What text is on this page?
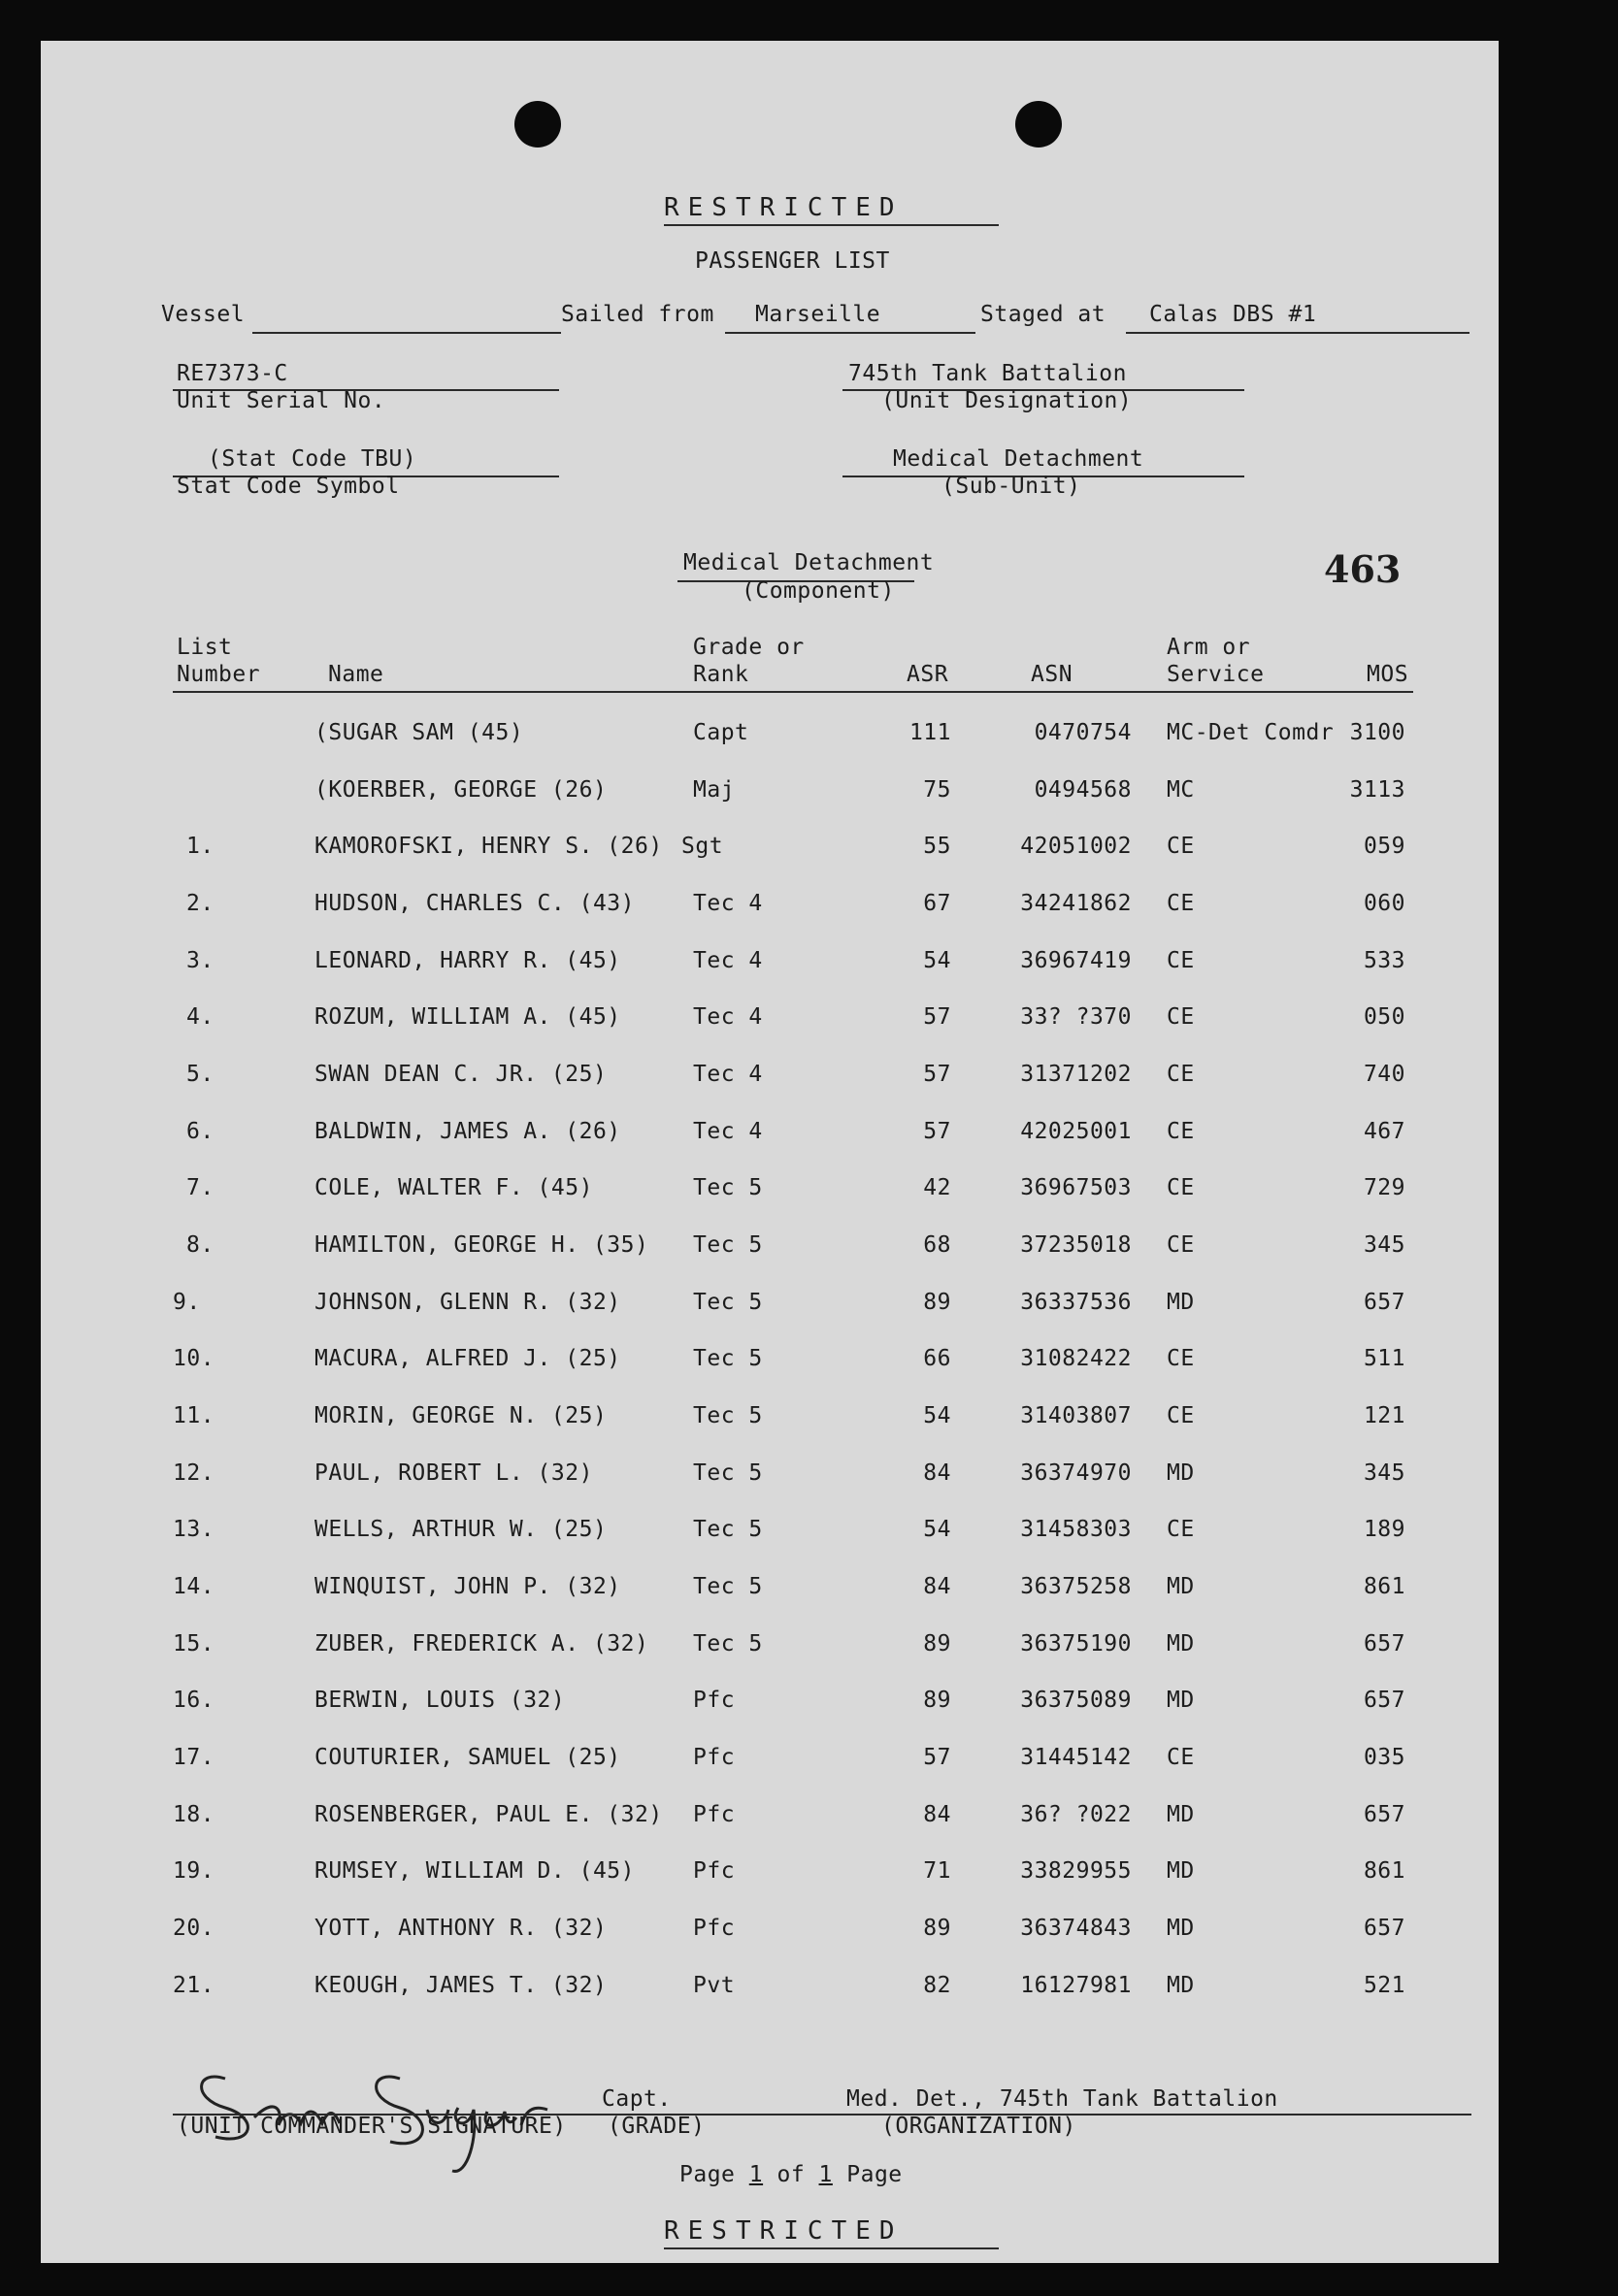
RESTRICTED
PASSENGER LIST
Vessel	Sailed from Marseille	Staged at Calas DBS #1
RE7373-C
Unit Serial No.
745th Tank Battalion
(Unit Designation)
(Stat Code TBU)
Stat Code Symbol
Medical Detachment
(Sub-Unit)
Medical Detachment
(Component)	463
List
Number	Name
Grade or
Rank	ASR	ASN
Arm or
Service	MOS
(SUGAR SAM (45)	Capt	111	0470754 MC-Det Comdr 3100
(KOERBER, GEORGE (26)	Maj	75	0494568 MC	3113
1.	KAMOROFSKI, HENRY S. (26) Sgt	55	42051002 CE	059
2.	HUDSON, CHARLES C. (43)	Tec 4	67	34241862 CE	060
3.	LEONARD, HARRY R. (45)	Tec 4	54	36967419 CE	533
4.	ROZUM, WILLIAM A. (45)	Tec 4	57	33? ?370 CE	050
5.	SWAN DEAN C. JR. (25)	Tec 4	57	31371202 CE	740
6.	BALDWIN, JAMES A. (26)	Tec 4	57	42025001 CE	467
7.	COLE, WALTER F. (45)	Tec 5	42	36967503 CE	729
8.	HAMILTON, GEORGE H. (35) Tec 5	68	37235018 CE	345
9.	JOHNSON, GLENN R. (32)	Tec 5	89	36337536 MD	657
10.	MACURA, ALFRED J. (25)	Tec 5	66	31082422 CE	511
11.	MORIN, GEORGE N. (25)	Tec 5	54	31403807 CE	121
12.	PAUL, ROBERT L. (32)	Tec 5	84	36374970 MD	345
13.	WELLS, ARTHUR W. (25)	Tec 5	54	31458303 CE	189
14.	WINQUIST, JOHN P. (32)	Tec 5	84	36375258 MD	861
15.	ZUBER, FREDERICK A. (32) Tec 5	89	36375190 MD	657
16.	BERWIN, LOUIS (32)	Pfc	89	36375089 MD	657
17.	COUTURIER, SAMUEL (25)	Pfc	57	31445142 CE	035
18.	ROSENBERGER, PAUL E. (32) Pfc	84	36? ?022 MD	657
19.	RUMSEY, WILLIAM D. (45)	Pfc	71	33829955 MD	861
20.	YOTT, ANTHONY R. (32)	Pfc	89	36374843 MD	657
21.	KEOUGH, JAMES T. (32)	Pvt	82	16127981 MD	521
Capt.	Med. Det., 745th Tank Battalion
(UNIT COMMANDER'S SIGNATURE) (GRADE)	(ORGANIZATION)
Page 1 of 1 Page
RESTRICTED
